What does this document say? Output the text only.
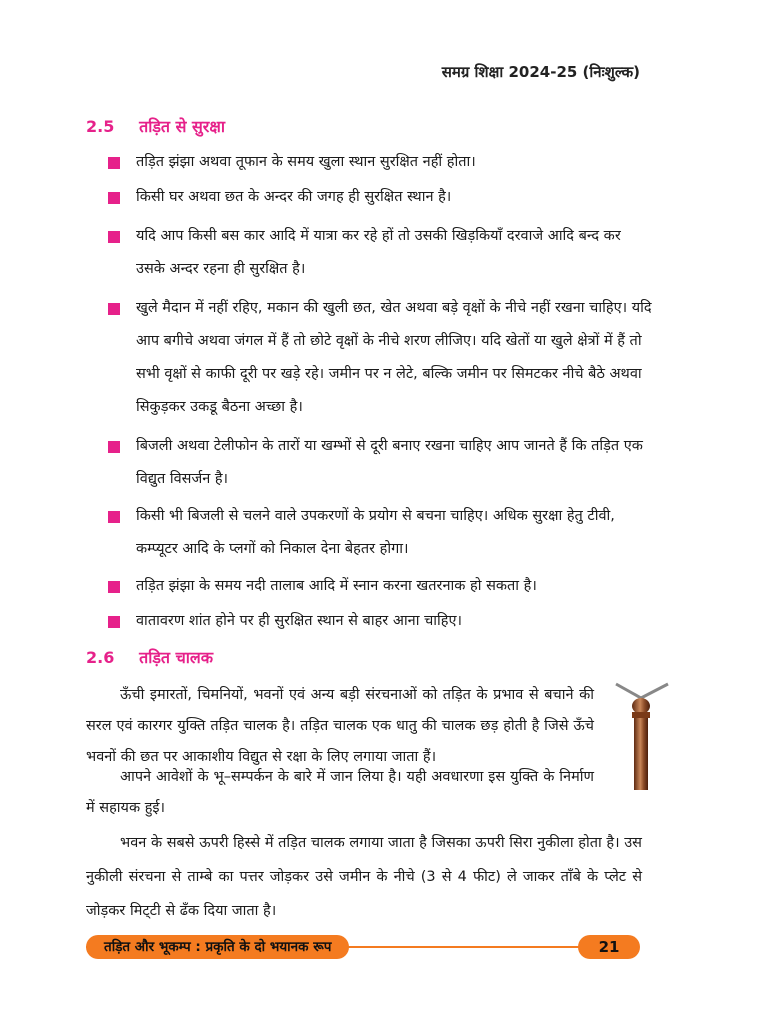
समग्र शिक्षा 2024-25 (निःशुल्क)
2.5 तड़ित से सुरक्षा
तड़ित झंझा अथवा तूफान के समय खुला स्थान सुरक्षित नहीं होता।
किसी घर अथवा छत के अन्दर की जगह ही सुरक्षित स्थान है।
यदि आप किसी बस कार आदि में यात्रा कर रहे हों तो उसकी खिड़कियाँ दरवाजे आदि बन्द कर उसके अन्दर रहना ही सुरक्षित है।
खुले मैदान में नहीं रहिए, मकान की खुली छत, खेत अथवा बड़े वृक्षों के नीचे नहीं रखना चाहिए। यदि आप बगीचे अथवा जंगल में हैं तो छोटे वृक्षों के नीचे शरण लीजिए। यदि खेतों या खुले क्षेत्रों में हैं तो सभी वृक्षों से काफी दूरी पर खड़े रहे। जमीन पर न लेटे, बल्कि जमीन पर सिमटकर नीचे बैठे अथवा सिकुड़कर उकडू बैठना अच्छा है।
बिजली अथवा टेलीफोन के तारों या खम्भों से दूरी बनाए रखना चाहिए आप जानते हैं कि तड़ित एक विद्युत विसर्जन है।
किसी भी बिजली से चलने वाले उपकरणों के प्रयोग से बचना चाहिए। अधिक सुरक्षा हेतु टीवी, कम्प्यूटर आदि के प्लगों को निकाल देना बेहतर होगा।
तड़ित झंझा के समय नदी तालाब आदि में स्नान करना खतरनाक हो सकता है।
वातावरण शांत होने पर ही सुरक्षित स्थान से बाहर आना चाहिए।
2.6 तड़ित चालक
ऊँची इमारतों, चिमनियों, भवनों एवं अन्य बड़ी संरचनाओं को तड़ित के प्रभाव से बचाने की सरल एवं कारगर युक्ति तड़ित चालक है। तड़ित चालक एक धातु की चालक छड़ होती है जिसे ऊँचे भवनों की छत पर आकाशीय विद्युत से रक्षा के लिए लगाया जाता हैं।
आपने आवेशों के भू–सम्पर्कन के बारे में जान लिया है। यही अवधारणा इस युक्ति के निर्माण में सहायक हुई।
भवन के सबसे ऊपरी हिस्से में तड़ित चालक लगाया जाता है जिसका ऊपरी सिरा नुकीला होता है। उस नुकीली संरचना से ताम्बे का पत्तर जोड़कर उसे जमीन के नीचे (3 से 4 फीट) ले जाकर ताँबे के प्लेट से जोड़कर मिट्‌टी से ढँक दिया जाता है।
तड़ित और भूकम्प : प्रकृति के दो भयानक रूप	21
